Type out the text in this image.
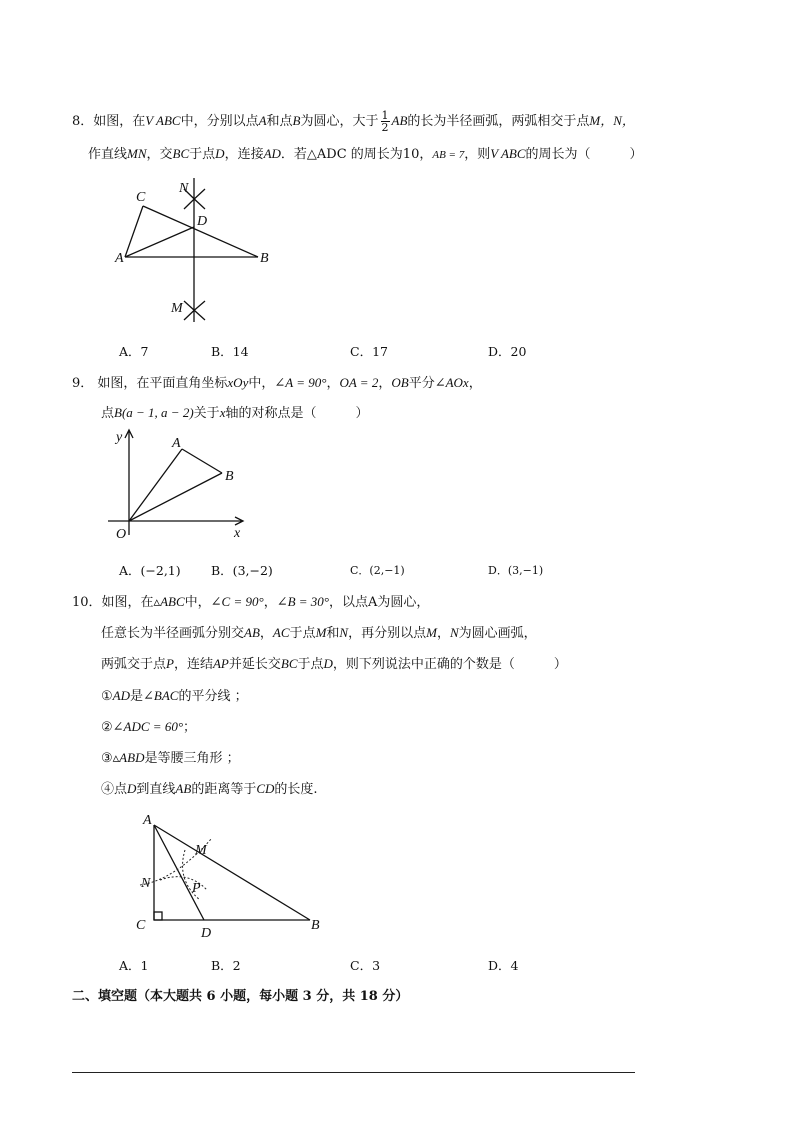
8．如图，在V ABC中，分别以点A和点B为圆心，大于 $\frac{1}{2}$ AB的长为半径画弧，两弧相交于点M，N，
作直线MN，交BC于点D，连接AD．若△ADC 的周长为10，AB = 7，则V ABC的周长为（　　　）
C
N
D
A	B
M
A．7	B．14	C．17	D．20
9． 如图，在平面直角坐标xOy中，∠A = 90°，OA = 2，OB平分∠AOx，
点B(a − 1, a − 2)关于x轴的对称点是（　　　）
y	A
B
O	x
A．(−2,1) B．(3,−2)	C．(2,−1)	D．(3,−1)
10．如图，在▵ABC中，∠C = 90°，∠B = 30°，以点A为圆心，
任意长为半径画弧分别交AB，AC于点M和N，再分别以点M，N为圆心画弧，
两弧交于点P，连结AP并延长交BC于点D，则下列说法中正确的个数是（　　　）
①AD是∠BAC的平分线 ；
②∠ADC = 60°；
③▵ABD是等腰三角形 ；
④点D到直线AB的距离等于CD的长度.
A
M
N	P
C
D
B
A．1	B．2	C．3	D．4
二、填空题（本大题共 6 小题，每小题 3 分，共 18 分）
